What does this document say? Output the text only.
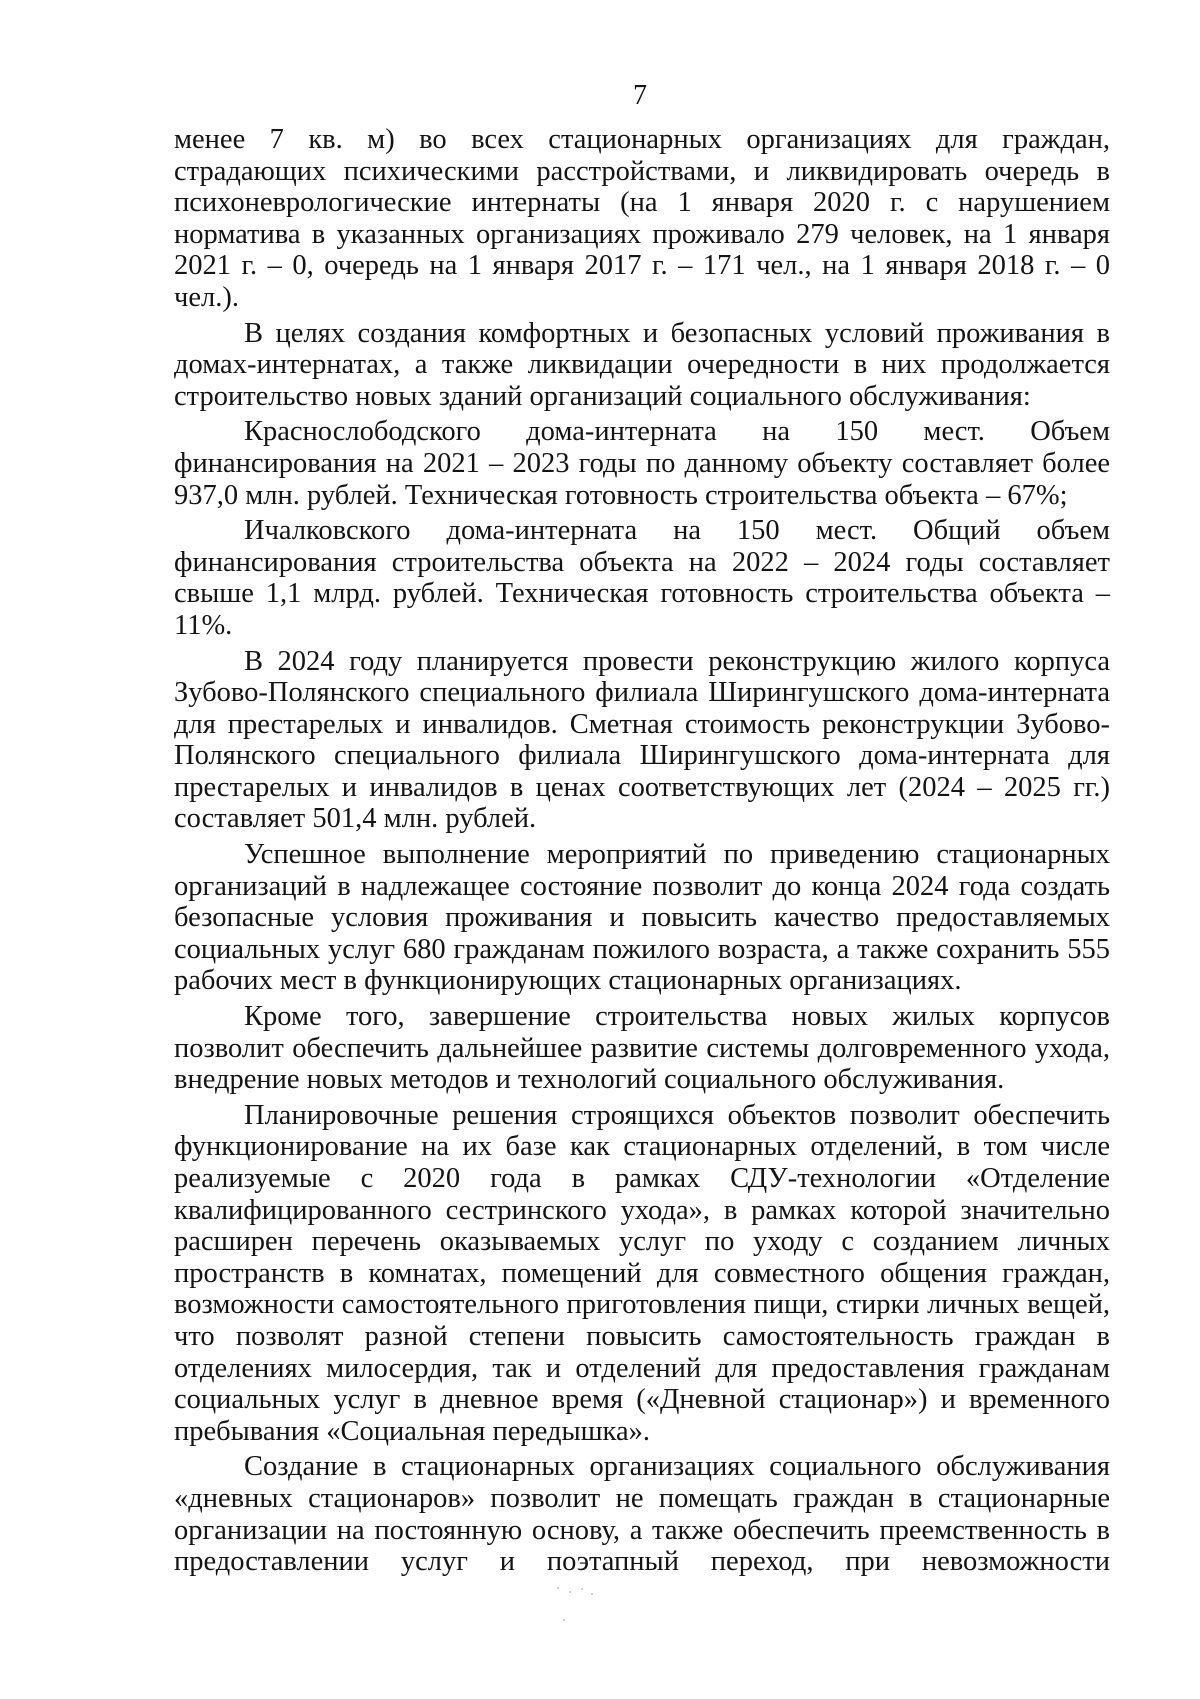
7

менее 7 кв. м) во всех стационарных организациях для граждан, страдающих психическими расстройствами, и ликвидировать очередь в психоневрологические интернаты (на 1 января 2020 г. с нарушением норматива в указанных организациях проживало 279 человек, на 1 января 2021 г. – 0, очередь на 1 января 2017 г. – 171 чел., на 1 января 2018 г. – 0 чел.).

В целях создания комфортных и безопасных условий проживания в домах-интернатах, а также ликвидации очередности в них продолжается строительство новых зданий организаций социального обслуживания:

Краснослободского дома-интерната на 150 мест. Объем финансирования на 2021 – 2023 годы по данному объекту составляет более 937,0 млн. рублей. Техническая готовность строительства объекта – 67%;

Ичалковского дома-интерната на 150 мест. Общий объем финансирования строительства объекта на 2022 – 2024 годы составляет свыше 1,1 млрд. рублей. Техническая готовность строительства объекта – 11%.

В 2024 году планируется провести реконструкцию жилого корпуса Зубово-Полянского специального филиала Ширингушского дома-интерната для престарелых и инвалидов. Сметная стоимость реконструкции Зубово-Полянского специального филиала Ширингушского дома-интерната для престарелых и инвалидов в ценах соответствующих лет (2024 – 2025 гг.) составляет 501,4 млн. рублей.

Успешное выполнение мероприятий по приведению стационарных организаций в надлежащее состояние позволит до конца 2024 года создать безопасные условия проживания и повысить качество предоставляемых социальных услуг 680 гражданам пожилого возраста, а также сохранить 555 рабочих мест в функционирующих стационарных организациях.

Кроме того, завершение строительства новых жилых корпусов позволит обеспечить дальнейшее развитие системы долговременного ухода, внедрение новых методов и технологий социального обслуживания.

Планировочные решения строящихся объектов позволит обеспечить функционирование на их базе как стационарных отделений, в том числе реализуемые с 2020 года в рамках СДУ-технологии «Отделение квалифицированного сестринского ухода», в рамках которой значительно расширен перечень оказываемых услуг по уходу с созданием личных пространств в комнатах, помещений для совместного общения граждан, возможности самостоятельного приготовления пищи, стирки личных вещей, что позволят разной степени повысить самостоятельность граждан в отделениях милосердия, так и отделений для предоставления гражданам социальных услуг в дневное время («Дневной стационар») и временного пребывания «Социальная передышка».

Создание в стационарных организациях социального обслуживания «дневных стационаров» позволит не помещать граждан в стационарные организации на постоянную основу, а также обеспечить преемственность в предоставлении услуг и поэтапный переход, при невозможности
